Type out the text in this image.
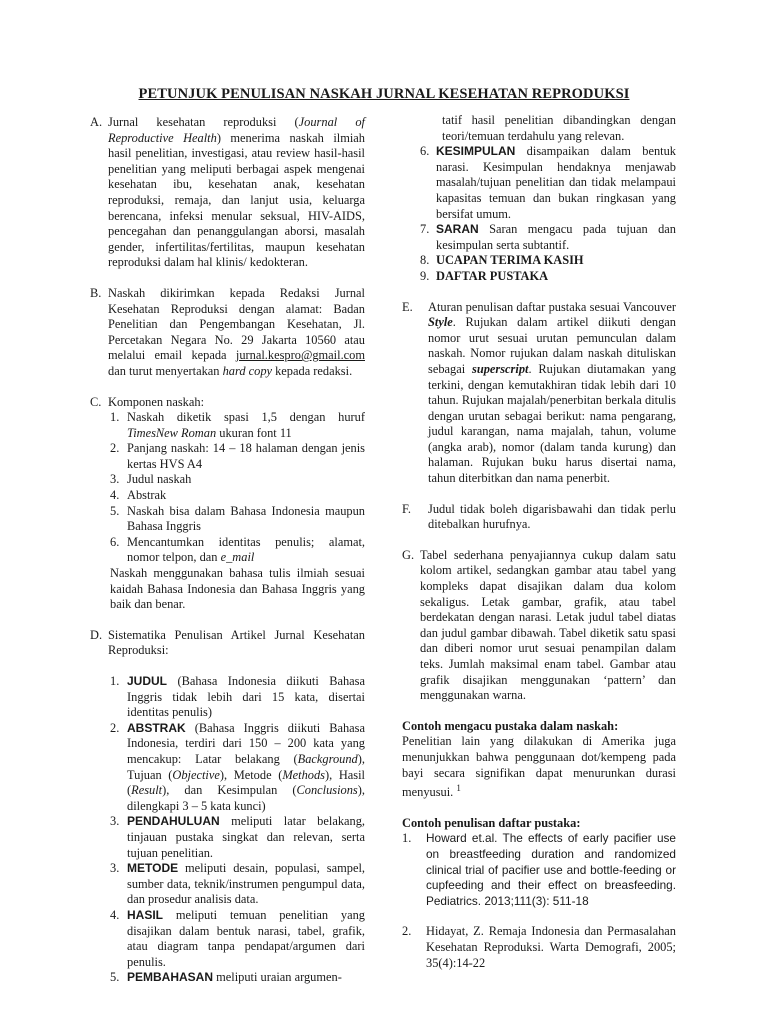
PETUNJUK PENULISAN NASKAH JURNAL KESEHATAN REPRODUKSI
A. Jurnal kesehatan reproduksi (Journal of Reproductive Health) menerima naskah ilmiah hasil penelitian, investigasi, atau review hasil-hasil penelitian yang meliputi berbagai aspek mengenai kesehatan ibu, kesehatan anak, kesehatan reproduksi, remaja, dan lanjut usia, keluarga berencana, infeksi menular seksual, HIV-AIDS, pencegahan dan penanggulangan aborsi, masalah gender, infertilitas/fertilitas, maupun kesehatan reproduksi dalam hal klinis/ kedokteran.
B. Naskah dikirimkan kepada Redaksi Jurnal Kesehatan Reproduksi dengan alamat: Badan Penelitian dan Pengembangan Kesehatan, Jl. Percetakan Negara No. 29 Jakarta 10560 atau melalui email kepada jurnal.kespro@gmail.com dan turut menyertakan hard copy kepada redaksi.
C. Komponen naskah:
1. Naskah diketik spasi 1,5 dengan huruf TimesNew Roman ukuran font 11
2. Panjang naskah: 14 – 18 halaman dengan jenis kertas HVS A4
3. Judul naskah
4. Abstrak
5. Naskah bisa dalam Bahasa Indonesia maupun Bahasa Inggris
6. Mencantumkan identitas penulis; alamat, nomor telpon, dan e_mail
Naskah menggunakan bahasa tulis ilmiah sesuai kaidah Bahasa Indonesia dan Bahasa Inggris yang baik dan benar.
D. Sistematika Penulisan Artikel Jurnal Kesehatan Reproduksi:
1. JUDUL (Bahasa Indonesia diikuti Bahasa Inggris tidak lebih dari 15 kata, disertai identitas penulis)
2. ABSTRAK (Bahasa Inggris diikuti Bahasa Indonesia, terdiri dari 150 – 200 kata yang mencakup: Latar belakang (Background), Tujuan (Objective), Metode (Methods), Hasil (Result), dan Kesimpulan (Conclusions), dilengkapi 3 – 5 kata kunci)
3. PENDAHULUAN meliputi latar belakang, tinjauan pustaka singkat dan relevan, serta tujuan penelitian.
3. METODE meliputi desain, populasi, sampel, sumber data, teknik/instrumen pengumpul data, dan prosedur analisis data.
4. HASIL meliputi temuan penelitian yang disajikan dalam bentuk narasi, tabel, grafik, atau diagram tanpa pendapat/argumen dari penulis.
5. PEMBAHASAN meliputi uraian argumen-
tatif hasil penelitian dibandingkan dengan teori/temuan terdahulu yang relevan.
6. KESIMPULAN disampaikan dalam bentuk narasi. Kesimpulan hendaknya menjawab masalah/tujuan penelitian dan tidak melampaui kapasitas temuan dan bukan ringkasan yang bersifat umum.
7. SARAN Saran mengacu pada tujuan dan kesimpulan serta subtantif.
8. UCAPAN TERIMA KASIH
9. DAFTAR PUSTAKA
E.	Aturan penulisan daftar pustaka sesuai Vancouver Style. Rujukan dalam artikel diikuti dengan nomor urut sesuai urutan pemunculan dalam naskah. Nomor rujukan dalam naskah dituliskan sebagai superscript. Rujukan diutamakan yang terkini, dengan kemutakhiran tidak lebih dari 10 tahun. Rujukan majalah/penerbitan berkala ditulis dengan urutan sebagai berikut: nama pengarang, judul karangan, nama majalah, tahun, volume (angka arab), nomor (dalam tanda kurung) dan halaman. Rujukan buku harus disertai nama, tahun diterbitkan dan nama penerbit.
F.	Judul tidak boleh digarisbawahi dan tidak perlu ditebalkan hurufnya.
G. Tabel sederhana penyajiannya cukup dalam satu kolom artikel, sedangkan gambar atau tabel yang kompleks dapat disajikan dalam dua kolom sekaligus. Letak gambar, grafik, atau tabel berdekatan dengan narasi. Letak judul tabel diatas dan judul gambar dibawah. Tabel diketik satu spasi dan diberi nomor urut sesuai penampilan dalam teks. Jumlah maksimal enam tabel. Gambar atau grafik disajikan menggunakan ‘pattern’ dan menggunakan warna.
Contoh mengacu pustaka dalam naskah:
Penelitian lain yang dilakukan di Amerika juga menunjukkan bahwa penggunaan dot/kempeng pada bayi secara signifikan dapat menurunkan durasi menyusui. $^1$
Contoh penulisan daftar pustaka:
1.	Howard et.al. The effects of early pacifier use on breastfeeding duration and randomized clinical trial of pacifier use and bottle-feeding or cupfeeding and their effect on breasfeeding. Pediatrics. 2013;111(3): 511-18
2.	Hidayat, Z. Remaja Indonesia dan Permasalahan Kesehatan Reproduksi. Warta Demografi, 2005; 35(4):14-22
